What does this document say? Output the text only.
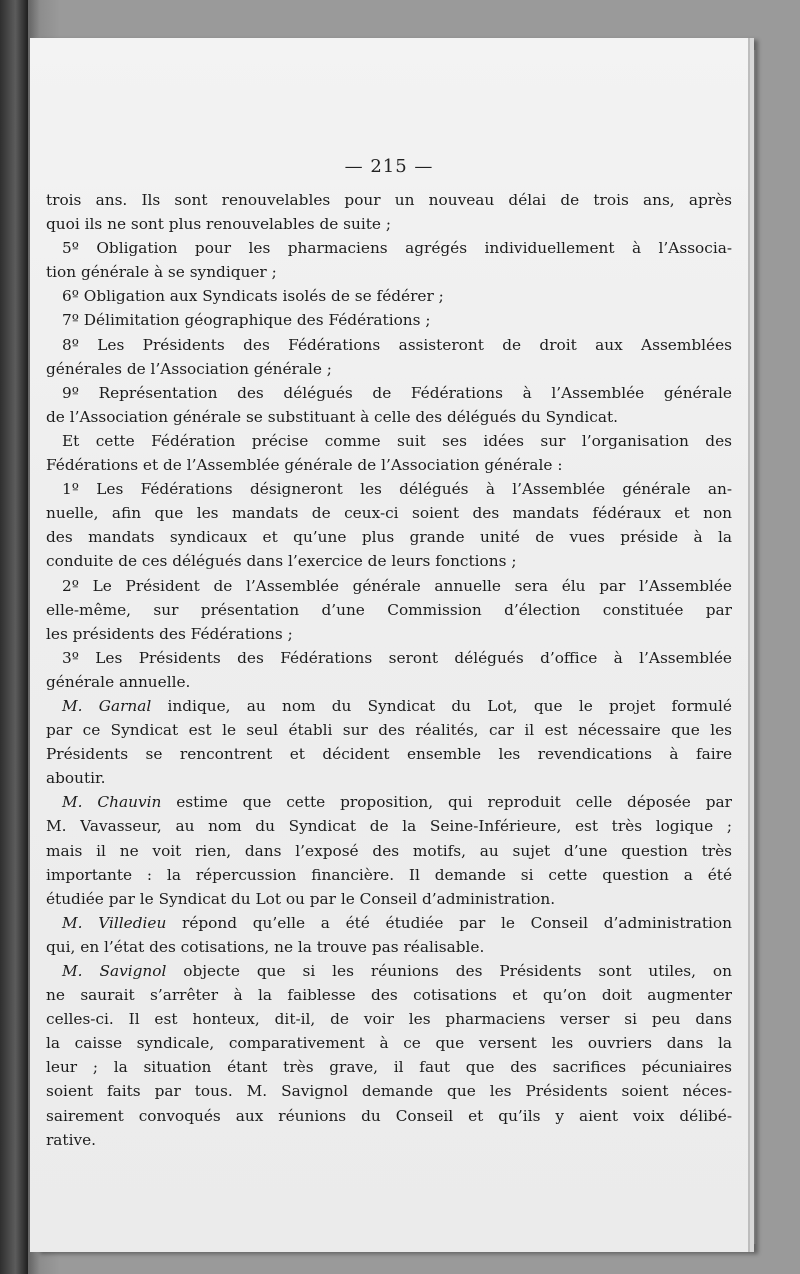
— 215 —
trois ans. Ils sont renouvelables pour un nouveau délai de trois ans, après
quoi ils ne sont plus renouvelables de suite ;
5º Obligation pour les pharmaciens agrégés individuellement à l’Associa-
tion générale à se syndiquer ;
6º Obligation aux Syndicats isolés de se fédérer ;
7º Délimitation géographique des Fédérations ;
8º Les Présidents des Fédérations assisteront de droit aux Assemblées
générales de l’Association générale ;
9º Représentation des délégués de Fédérations à l’Assemblée générale
de l’Association générale se substituant à celle des délégués du Syndicat.
Et cette Fédération précise comme suit ses idées sur l’organisation des
Fédérations et de l’Assemblée générale de l’Association générale :
1º Les Fédérations désigneront les délégués à l’Assemblée générale an-
nuelle, afin que les mandats de ceux-ci soient des mandats fédéraux et non
des mandats syndicaux et qu’une plus grande unité de vues préside à la
conduite de ces délégués dans l’exercice de leurs fonctions ;
2º Le Président de l’Assemblée générale annuelle sera élu par l’Assemblée
elle-même, sur présentation d’une Commission d’élection constituée par
les présidents des Fédérations ;
3º Les Présidents des Fédérations seront délégués d’office à l’Assemblée
générale annuelle.
M. Garnal indique, au nom du Syndicat du Lot, que le projet formulé
par ce Syndicat est le seul établi sur des réalités, car il est nécessaire que les
Présidents se rencontrent et décident ensemble les revendications à faire
aboutir.
M. Chauvin estime que cette proposition, qui reproduit celle déposée par
M. Vavasseur, au nom du Syndicat de la Seine-Inférieure, est très logique ;
mais il ne voit rien, dans l’exposé des motifs, au sujet d’une question très
importante : la répercussion financière. Il demande si cette question a été
étudiée par le Syndicat du Lot ou par le Conseil d’administration.
M. Villedieu répond qu’elle a été étudiée par le Conseil d’administration
qui, en l’état des cotisations, ne la trouve pas réalisable.
M. Savignol objecte que si les réunions des Présidents sont utiles, on
ne saurait s’arrêter à la faiblesse des cotisations et qu’on doit augmenter
celles-ci. Il est honteux, dit-il, de voir les pharmaciens verser si peu dans
la caisse syndicale, comparativement à ce que versent les ouvriers dans la
leur ; la situation étant très grave, il faut que des sacrifices pécuniaires
soient faits par tous. M. Savignol demande que les Présidents soient néces-
sairement convoqués aux réunions du Conseil et qu’ils y aient voix délibé-
rative.
